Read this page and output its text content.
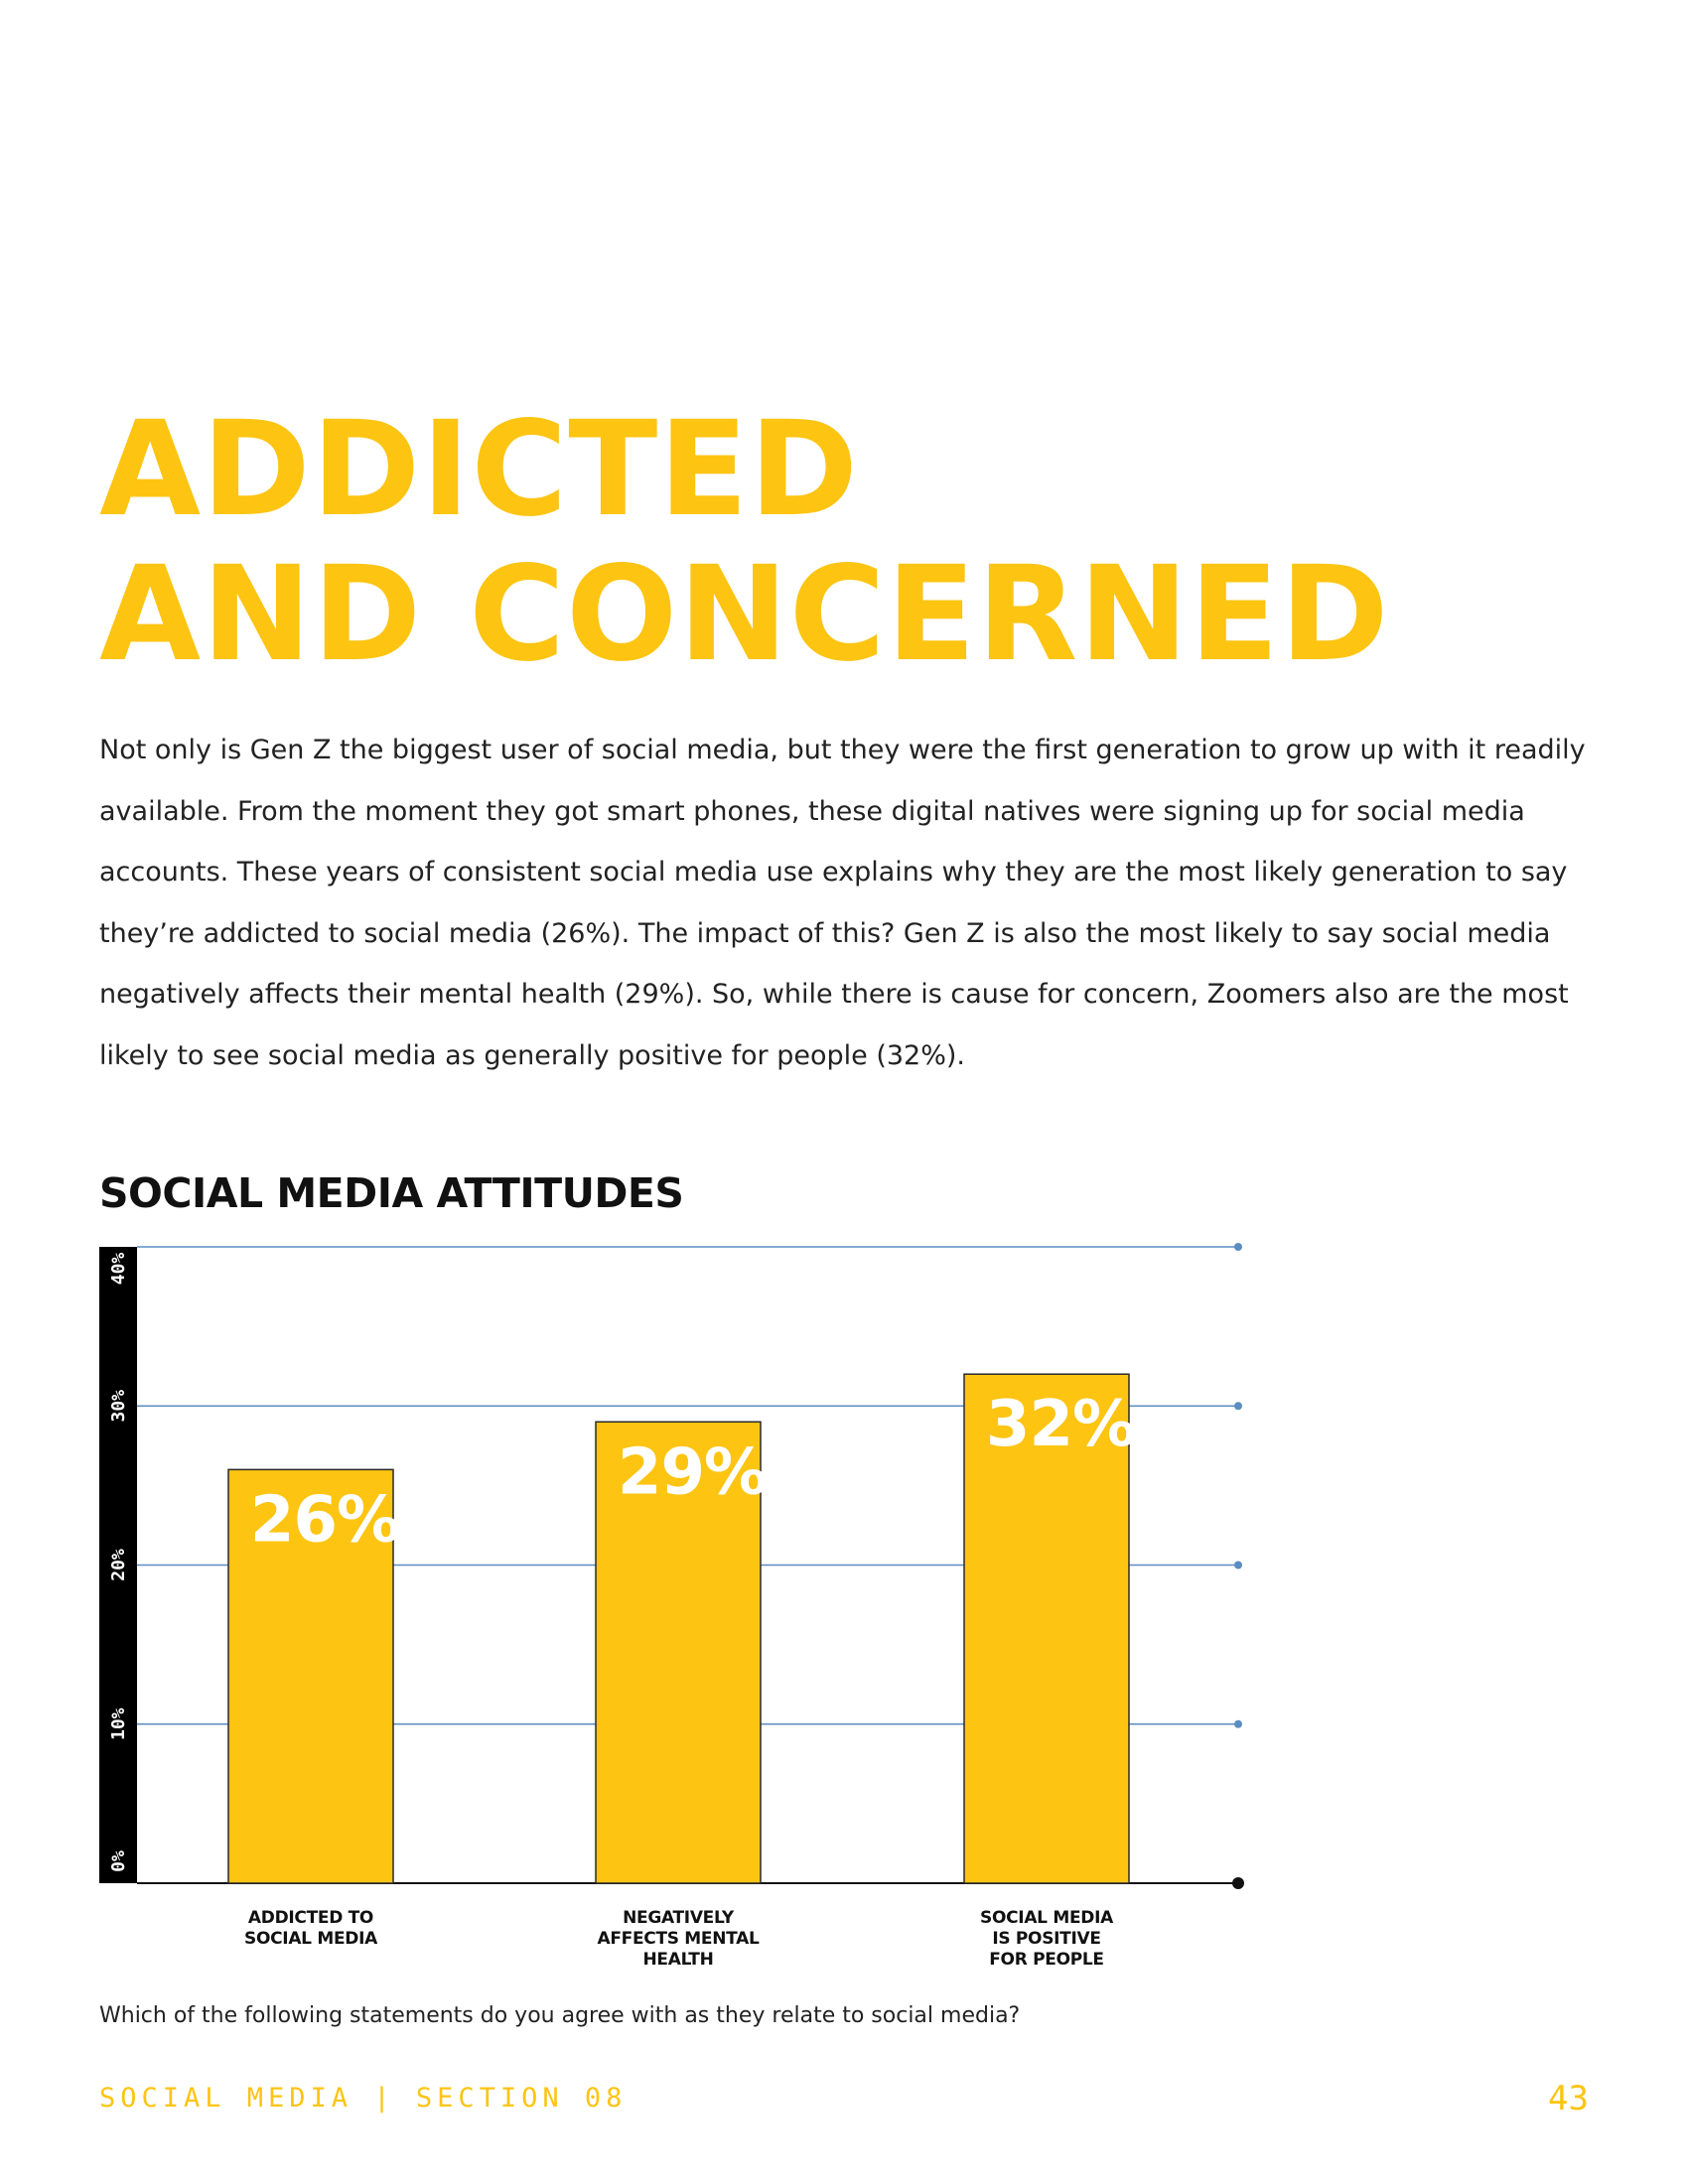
ADDICTED
AND CONCERNED

Not only is Gen Z the biggest user of social media, but they were the first generation to grow up with it readily available. From the moment they got smart phones, these digital natives were signing up for social media accounts. These years of consistent social media use explains why they are the most likely generation to say they’re addicted to social media (26%). The impact of this? Gen Z is also the most likely to say social media negatively affects their mental health (29%). So, while there is cause for concern, Zoomers also are the most likely to see social media as generally positive for people (32%).

SOCIAL MEDIA ATTITUDES
0%
10%
20%
30%
40%
26%
29%
32%
ADDICTED TO
SOCIAL MEDIA
NEGATIVELY
AFFECTS MENTAL
HEALTH
SOCIAL MEDIA
IS POSITIVE
FOR PEOPLE

Which of the following statements do you agree with as they relate to social media?

SOCIAL MEDIA | SECTION 08	43
